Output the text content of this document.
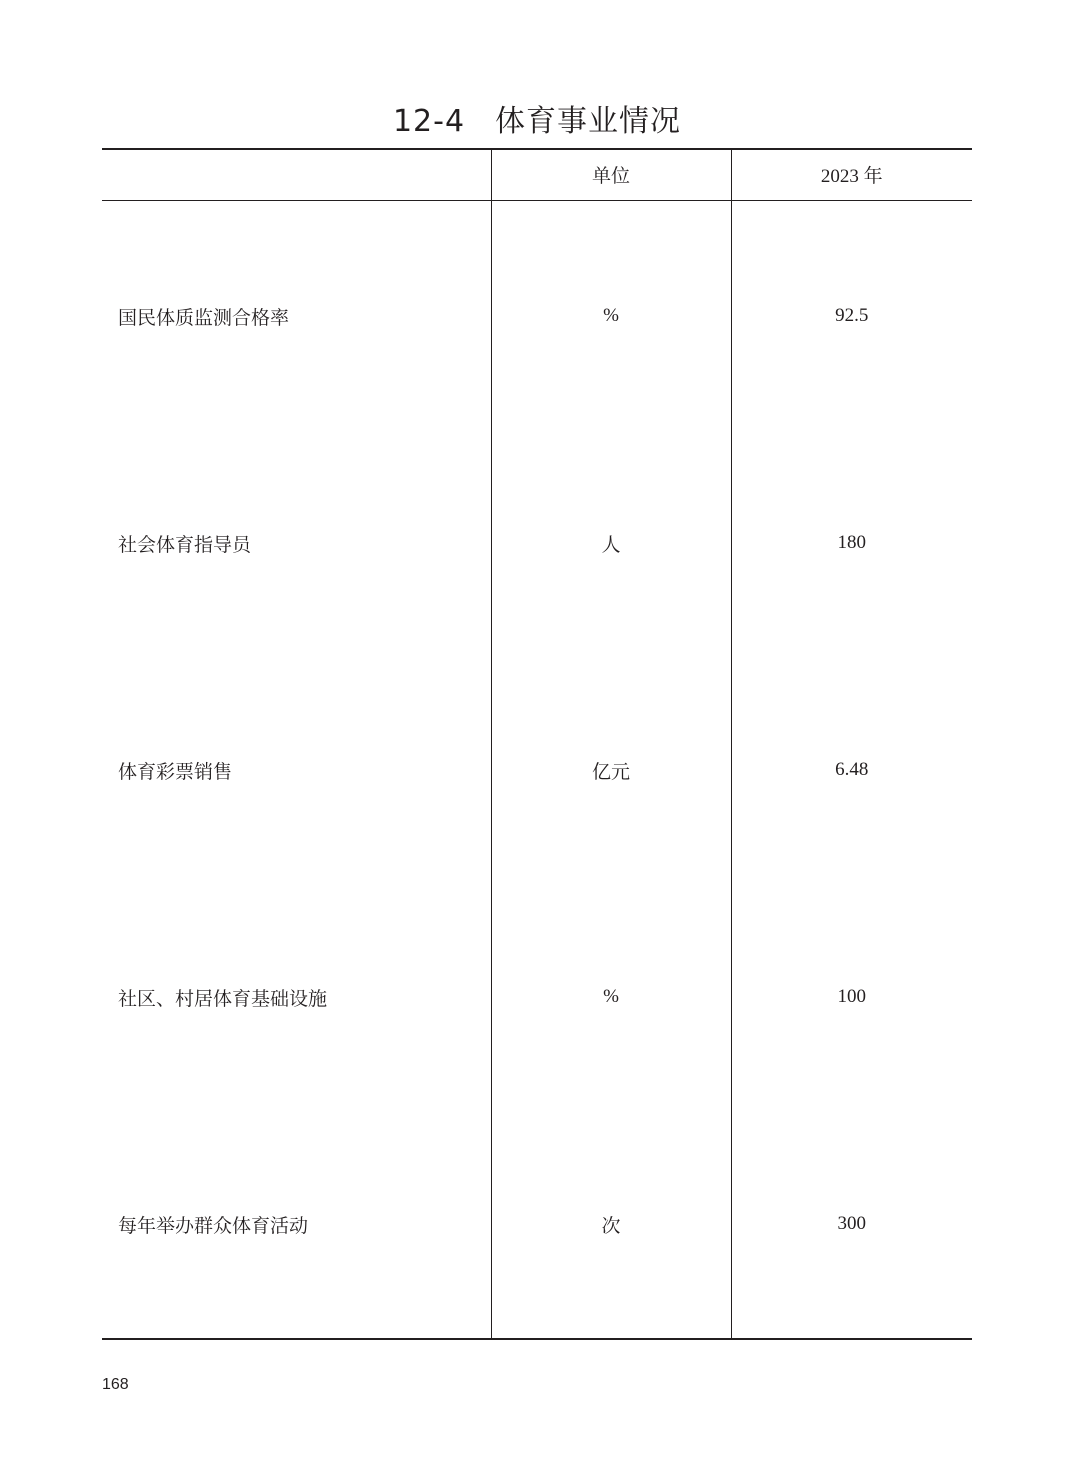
12-4 体育事业情况
	单位	2023 年
国民体质监测合格率	%	92.5
社会体育指导员	人	180
体育彩票销售	亿元	6.48
社区、村居体育基础设施	%	100
每年举办群众体育活动	次	300
168
